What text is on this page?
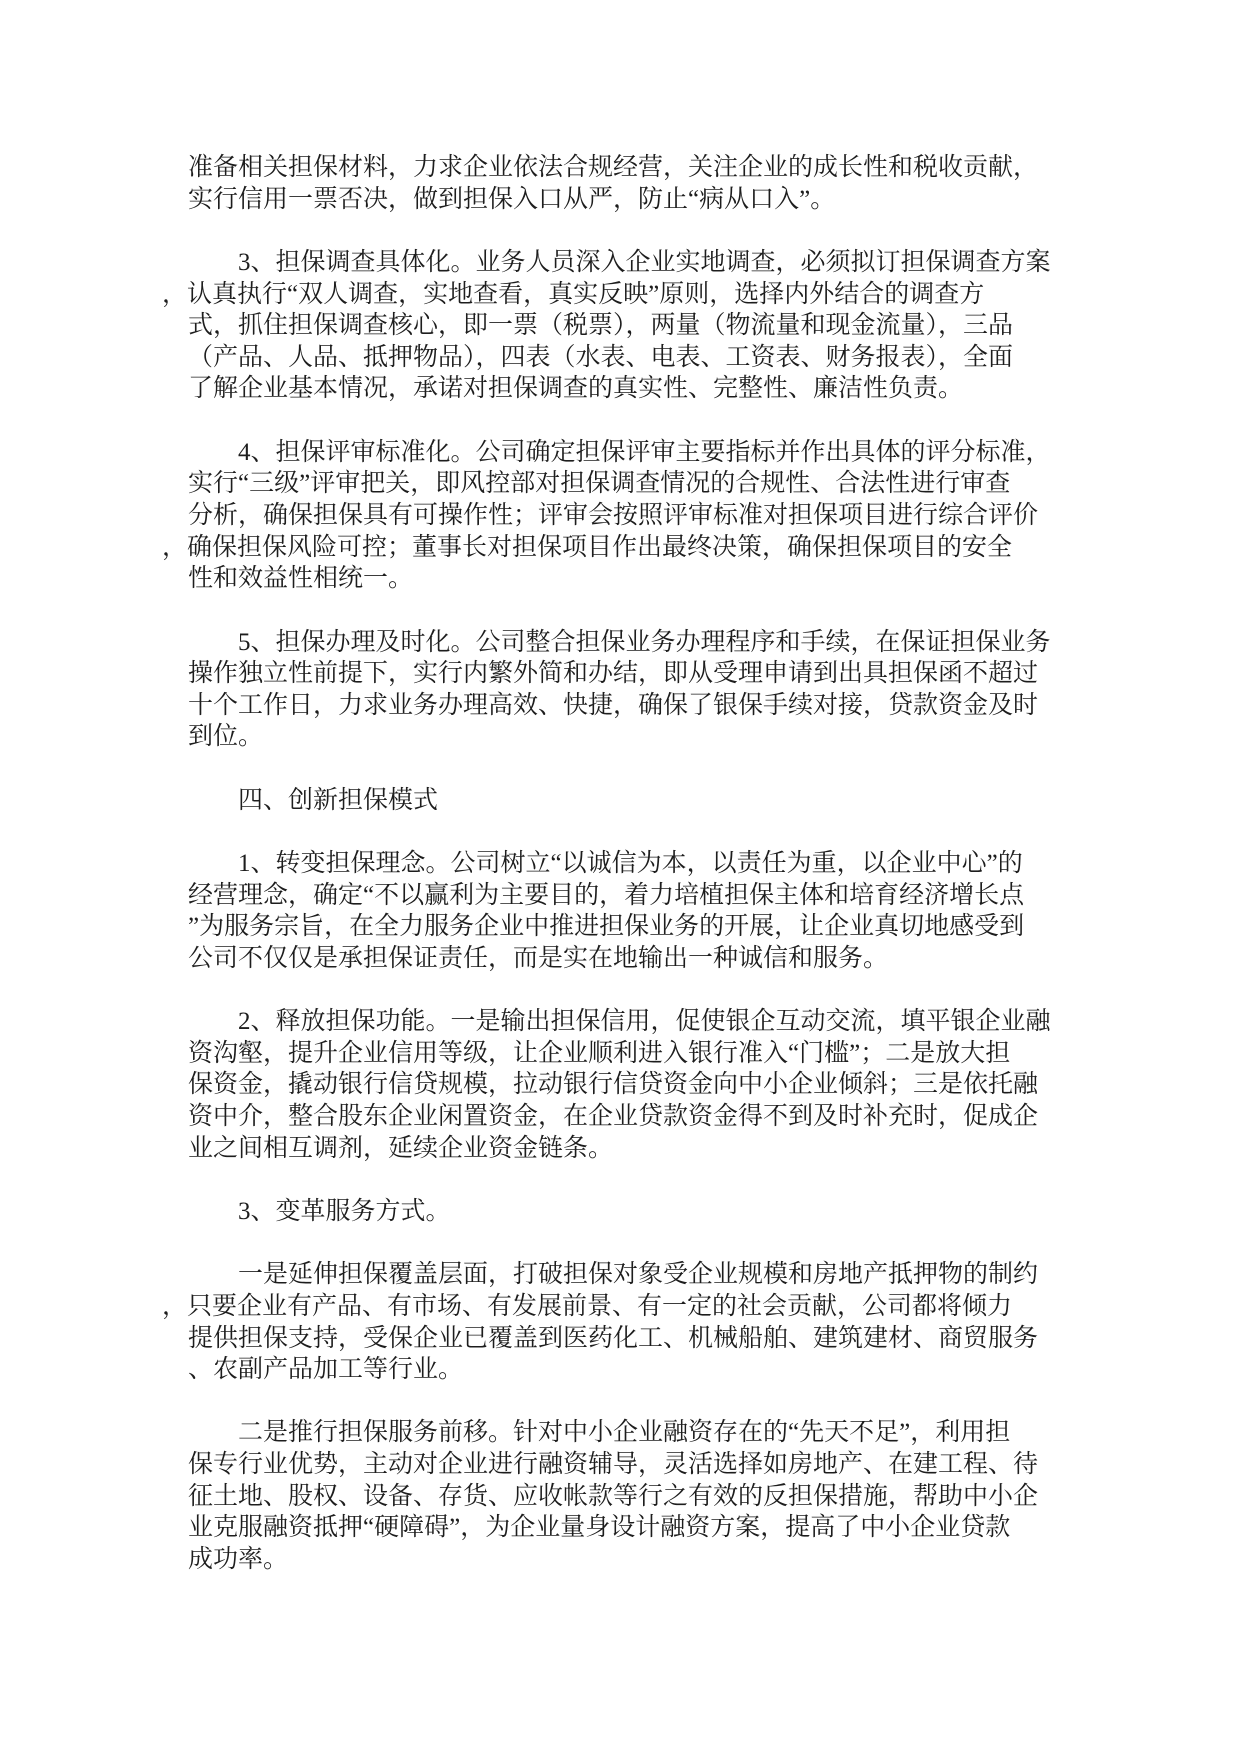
准备相关担保材料，力求企业依法合规经营，关注企业的成长性和税收贡献，
实行信用一票否决，做到担保入口从严，防止“病从口入”。

　　3、担保调查具体化。业务人员深入企业实地调查，必须拟订担保调查方案
，认真执行“双人调查，实地查看，真实反映”原则，选择内外结合的调查方
式，抓住担保调查核心，即一票（税票），两量（物流量和现金流量），三品
（产品、人品、抵押物品），四表（水表、电表、工资表、财务报表），全面
了解企业基本情况，承诺对担保调查的真实性、完整性、廉洁性负责。

　　4、担保评审标准化。公司确定担保评审主要指标并作出具体的评分标准，
实行“三级”评审把关，即风控部对担保调查情况的合规性、合法性进行审查
分析，确保担保具有可操作性；评审会按照评审标准对担保项目进行综合评价
，确保担保风险可控；董事长对担保项目作出最终决策，确保担保项目的安全
性和效益性相统一。

　　5、担保办理及时化。公司整合担保业务办理程序和手续，在保证担保业务
操作独立性前提下，实行内繁外简和办结，即从受理申请到出具担保函不超过
十个工作日，力求业务办理高效、快捷，确保了银保手续对接，贷款资金及时
到位。

　　四、创新担保模式

　　1、转变担保理念。公司树立“以诚信为本，以责任为重，以企业中心”的
经营理念，确定“不以赢利为主要目的，着力培植担保主体和培育经济增长点
”为服务宗旨，在全力服务企业中推进担保业务的开展，让企业真切地感受到
公司不仅仅是承担保证责任，而是实在地输出一种诚信和服务。

　　2、释放担保功能。一是输出担保信用，促使银企互动交流，填平银企业融
资沟壑，提升企业信用等级，让企业顺利进入银行准入“门槛”；二是放大担
保资金，撬动银行信贷规模，拉动银行信贷资金向中小企业倾斜；三是依托融
资中介，整合股东企业闲置资金，在企业贷款资金得不到及时补充时，促成企
业之间相互调剂，延续企业资金链条。

　　3、变革服务方式。

　　一是延伸担保覆盖层面，打破担保对象受企业规模和房地产抵押物的制约
，只要企业有产品、有市场、有发展前景、有一定的社会贡献，公司都将倾力
提供担保支持，受保企业已覆盖到医药化工、机械船舶、建筑建材、商贸服务
、农副产品加工等行业。

　　二是推行担保服务前移。针对中小企业融资存在的“先天不足”，利用担
保专行业优势，主动对企业进行融资辅导，灵活选择如房地产、在建工程、待
征土地、股权、设备、存货、应收帐款等行之有效的反担保措施，帮助中小企
业克服融资抵押“硬障碍”，为企业量身设计融资方案，提高了中小企业贷款
成功率。
